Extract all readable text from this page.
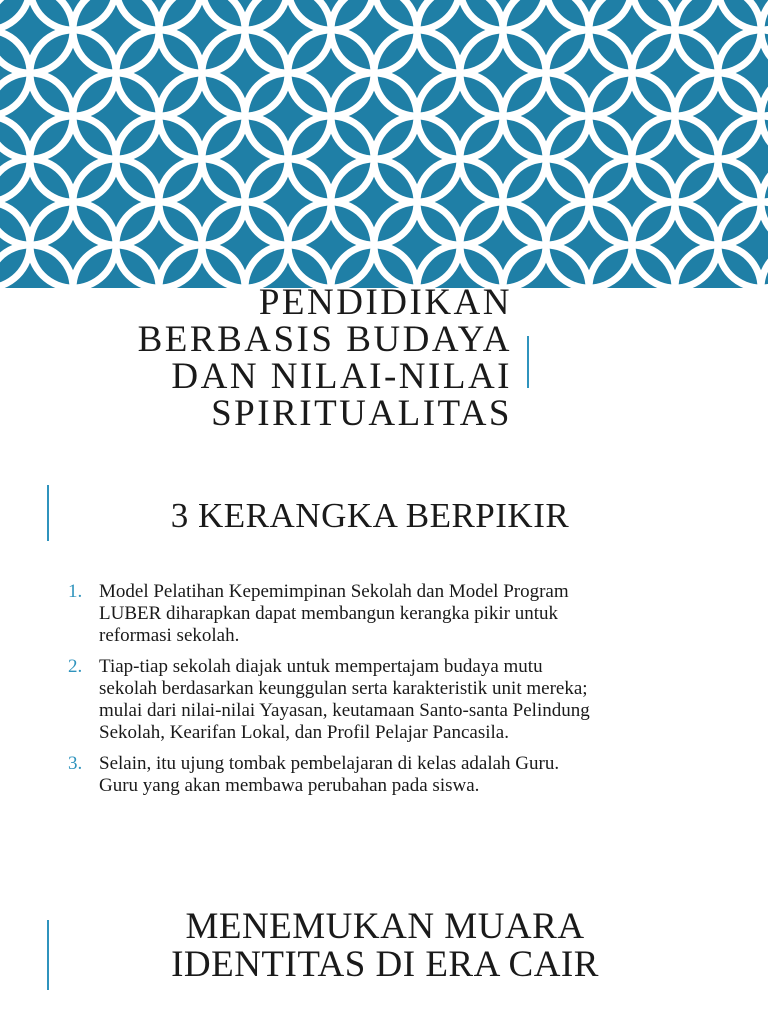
PENDIDIKAN
BERBASIS BUDAYA
DAN NILAI-NILAI
SPIRITUALITAS
3 KERANGKA BERPIKIR
1. Model Pelatihan Kepemimpinan Sekolah dan Model Program
LUBER diharapkan dapat membangun kerangka pikir untuk
reformasi sekolah.
2. Tiap-tiap sekolah diajak untuk mempertajam budaya mutu
sekolah berdasarkan keunggulan serta karakteristik unit mereka;
mulai dari nilai-nilai Yayasan, keutamaan Santo-santa Pelindung
Sekolah, Kearifan Lokal, dan Profil Pelajar Pancasila.
3. Selain, itu ujung tombak pembelajaran di kelas adalah Guru.
Guru yang akan membawa perubahan pada siswa.
MENEMUKAN MUARA
IDENTITAS DI ERA CAIR
